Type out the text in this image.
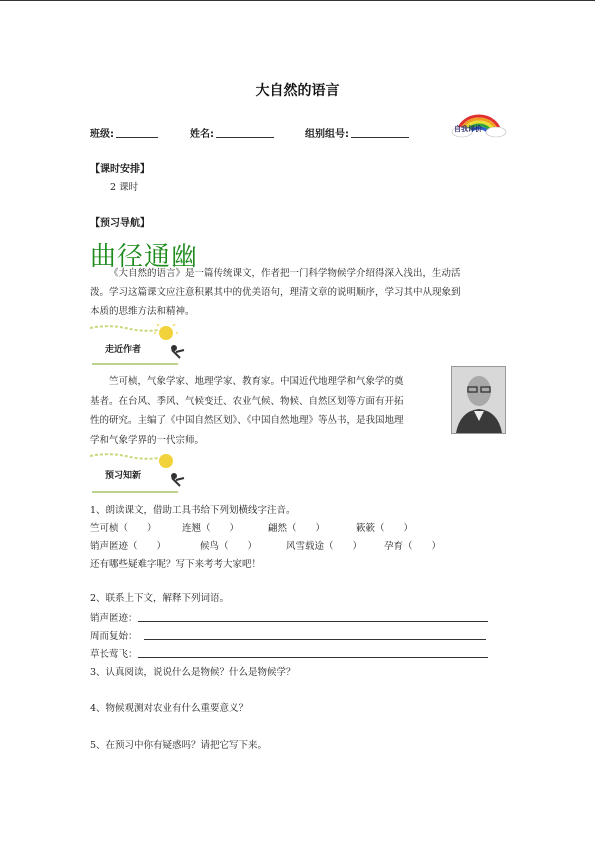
大自然的语言
班级:	姓名:	组别组号:	自我评价
【课时安排】
2 课时
【预习导航】
曲径通幽
《大自然的语言》是一篇传统课文，作者把一门科学物候学介绍得深入浅出，生动活
泼。学习这篇课文应注意积累其中的优美语句，理清文章的说明顺序，学习其中从现象到
本质的思维方法和精神。
走近作者
竺可桢，气象学家、地理学家、教育家。中国近代地理学和气象学的奠
基者。在台风、季风、气候变迁、农业气候、物候、自然区划等方面有开拓
性的研究。主编了《中国自然区划》、《中国自然地理》等丛书，是我国地理
学和气象学界的一代宗师。
预习知新
1、朗读课文，借助工具书给下列划横线字注音。
竺可桢（　　）	连翘（　　）	翩然（　　）	簌簌（　　）
销声匿迹（　　）	候鸟（　　）	风雪载途（　　） 孕育（　　）
还有哪些疑难字呢？写下来考考大家吧！
2、联系上下文，解释下列词语。
销声匿迹：
周而复始：
草长莺飞：
3、认真阅读，说说什么是物候？什么是物候学？
4、物候观测对农业有什么重要意义？
5、在预习中你有疑惑吗？请把它写下来。
